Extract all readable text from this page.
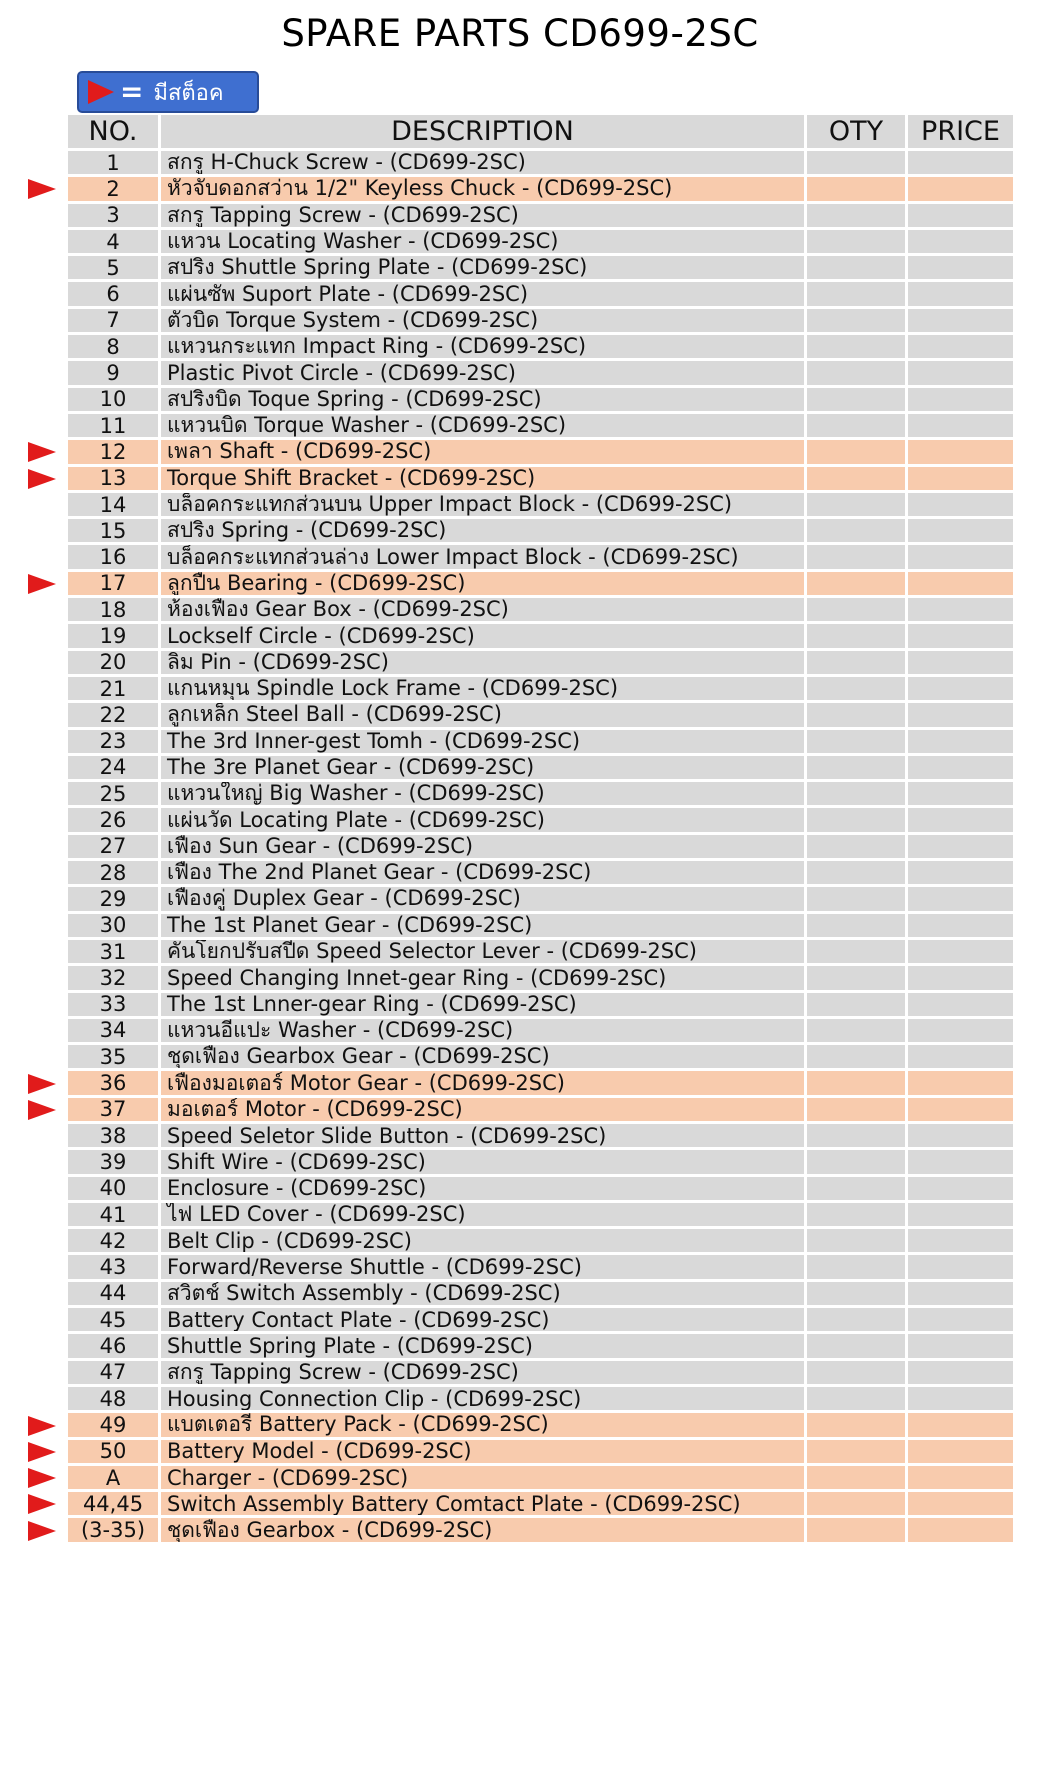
SPARE PARTS CD699-2SC
= มีสต็อค
NO.	DESCRIPTION	OTY	PRICE
1	สกรู H-Chuck Screw - (CD699-2SC)
2	หัวจับดอกสว่าน 1/2" Keyless Chuck - (CD699-2SC)
3	สกรู Tapping Screw - (CD699-2SC)
4	แหวน Locating Washer - (CD699-2SC)
5	สปริง Shuttle Spring Plate - (CD699-2SC)
6	แผ่นซัพ Suport Plate - (CD699-2SC)
7	ตัวบิด Torque System - (CD699-2SC)
8	แหวนกระแทก Impact Ring - (CD699-2SC)
9	Plastic Pivot Circle - (CD699-2SC)
10	สปริงบิด Toque Spring - (CD699-2SC)
11	แหวนบิด Torque Washer - (CD699-2SC)
12	เพลา Shaft - (CD699-2SC)
13	Torque Shift Bracket - (CD699-2SC)
14	บล็อคกระแทกส่วนบน Upper Impact Block - (CD699-2SC)
15	สปริง Spring - (CD699-2SC)
16	บล็อคกระแทกส่วนล่าง Lower Impact Block - (CD699-2SC)
17	ลูกปืน Bearing - (CD699-2SC)
18	ห้องเฟือง Gear Box - (CD699-2SC)
19	Lockself Circle - (CD699-2SC)
20	ลิ่ม Pin - (CD699-2SC)
21	แกนหมุน Spindle Lock Frame - (CD699-2SC)
22	ลูกเหล็ก Steel Ball - (CD699-2SC)
23	The 3rd Inner-gest Tomh - (CD699-2SC)
24	The 3re Planet Gear - (CD699-2SC)
25	แหวนใหญ่ Big Washer - (CD699-2SC)
26	แผ่นวัด Locating Plate - (CD699-2SC)
27	เฟือง Sun Gear - (CD699-2SC)
28	เฟือง The 2nd Planet Gear - (CD699-2SC)
29	เฟืองคู่ Duplex Gear - (CD699-2SC)
30	The 1st Planet Gear - (CD699-2SC)
31	คันโยกปรับสปีด Speed Selector Lever - (CD699-2SC)
32	Speed Changing Innet-gear Ring - (CD699-2SC)
33	The 1st Lnner-gear Ring - (CD699-2SC)
34	แหวนอีแปะ Washer - (CD699-2SC)
35	ชุดเฟือง Gearbox Gear - (CD699-2SC)
36	เฟืองมอเตอร์ Motor Gear - (CD699-2SC)
37	มอเตอร์ Motor - (CD699-2SC)
38	Speed Seletor Slide Button - (CD699-2SC)
39	Shift Wire - (CD699-2SC)
40	Enclosure - (CD699-2SC)
41	ไฟ LED Cover - (CD699-2SC)
42	Belt Clip - (CD699-2SC)
43	Forward/Reverse Shuttle - (CD699-2SC)
44	สวิตช์ Switch Assembly - (CD699-2SC)
45	Battery Contact Plate - (CD699-2SC)
46	Shuttle Spring Plate - (CD699-2SC)
47	สกรู Tapping Screw - (CD699-2SC)
48	Housing Connection Clip - (CD699-2SC)
49	แบตเตอรี่ Battery Pack - (CD699-2SC)
50	Battery Model - (CD699-2SC)
A	Charger - (CD699-2SC)
44,45	Switch Assembly Battery Comtact Plate - (CD699-2SC)
(3-35)	ชุดเฟือง Gearbox - (CD699-2SC)
